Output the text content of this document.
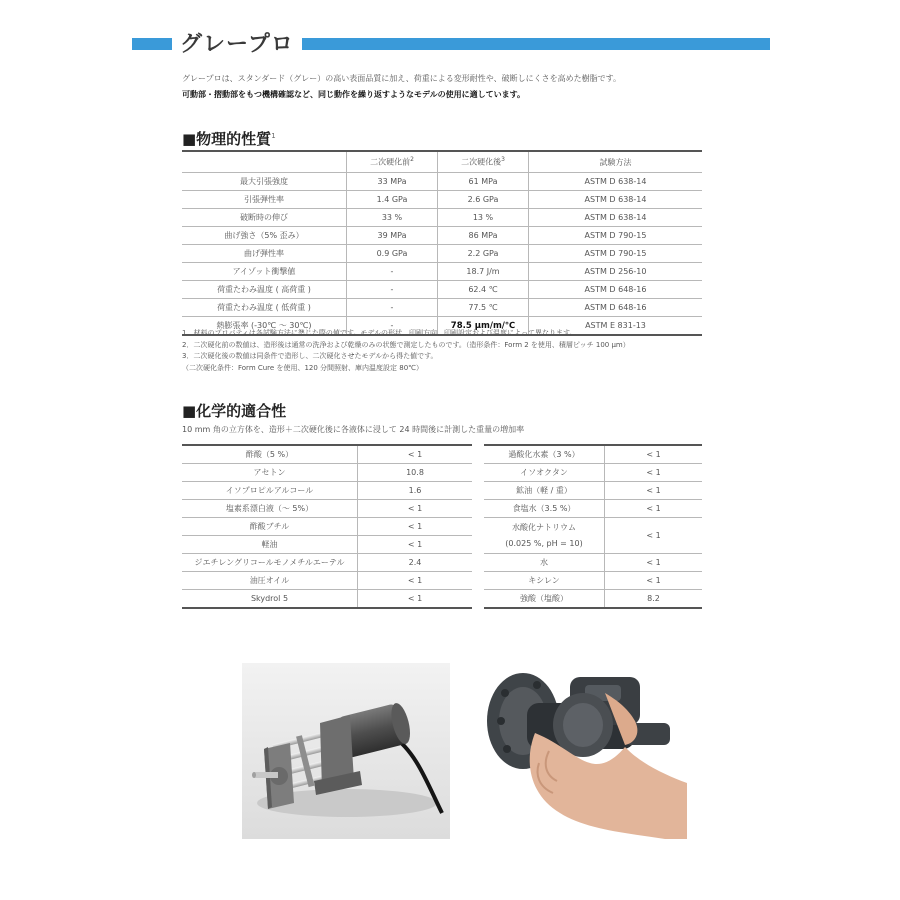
グレープロ
グレープロは、スタンダード（グレー）の高い表面品質に加え、荷重による変形耐性や、破断しにくさを高めた樹脂です。
可動部・摺動部をもつ機構確認など、同じ動作を繰り返すようなモデルの使用に適しています。
■物理的性質$^1$
	二次硬化前$^2$	二次硬化後$^3$	試験方法
最大引張強度	33 MPa	61 MPa	ASTM D 638-14
引張弾性率	1.4 GPa	2.6 GPa	ASTM D 638-14
破断時の伸び	33 %	13 %	ASTM D 638-14
曲げ強さ（5% 歪み）	39 MPa	86 MPa	ASTM D 790-15
曲げ弾性率	0.9 GPa	2.2 GPa	ASTM D 790-15
アイゾット衝撃値	-	18.7 J/m	ASTM D 256-10
荷重たわみ温度 ( 高荷重 )	-	62.4 ℃	ASTM D 648-16
荷重たわみ温度 ( 低荷重 )	-	77.5 ℃	ASTM D 648-16
熱膨張率 (-30℃ ～ 30℃)	-	78.5 μm/m/℃	ASTM E 831-13
1．材料のプロパティは各試験方法に準じた際の値です。モデルの形状、印刷方向、印刷設定および温度によって異なります。
2．二次硬化前の数値は、造形後は通常の洗浄および乾燥のみの状態で測定したものです。（造形条件：Form 2 を使用、積層ピッチ 100 μm）
3．二次硬化後の数値は同条件で造形し、二次硬化させたモデルから得た値です。
（二次硬化条件：Form Cure を使用、120 分間照射、庫内温度設定 80℃）
■化学的適合性
10 mm 角の立方体を、造形＋二次硬化後に各液体に浸して 24 時間後に計測した重量の増加率
酢酸（5 %）	< 1
アセトン	10.8
イソプロピルアルコール	1.6
塩素系漂白液（～ 5%）	< 1
酢酸ブチル	< 1
軽油	< 1
ジエチレングリコールモノメチルエーテル	2.4
油圧オイル	< 1
Skydrol 5	< 1
過酸化水素（3 %）	< 1
イソオクタン	< 1
鉱油（軽 / 重）	< 1
食塩水（3.5 %）	< 1
水酸化ナトリウム
(0.025 %, pH = 10)	< 1
水	< 1
キシレン	< 1
強酸（塩酸）	8.2
